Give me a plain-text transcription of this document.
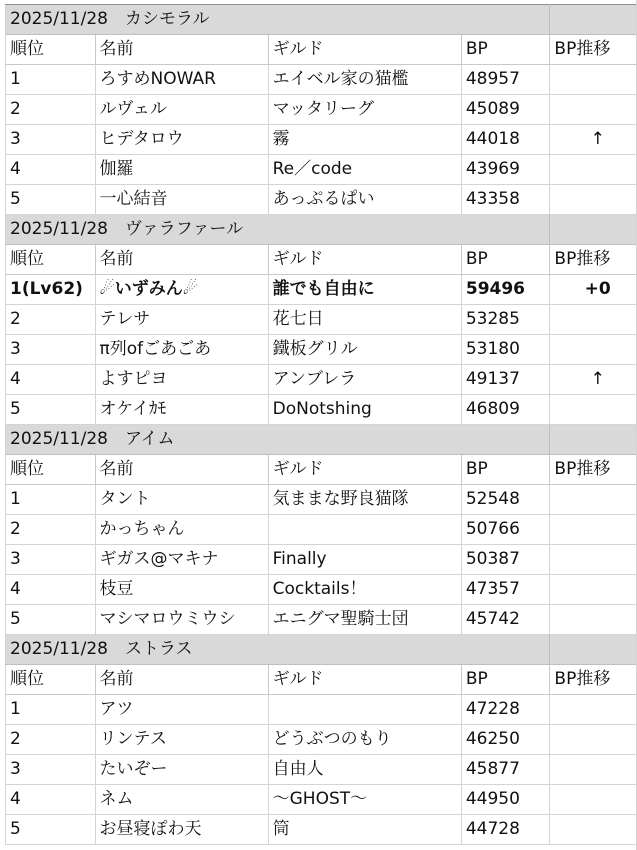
2025/11/28　カシモラル				
順位	名前	ギルド	BP	BP推移
1	ろすめNOWAR	エイベル家の猫檻	48957	
2	ルヴェル	マッタリーグ	45089	
3	ヒデタロウ	霧	44018	↑
4	伽羅	Re／code	43969	
5	一心結音	あっぷるぱい	43358	
2025/11/28　ヴァラファール				
順位	名前	ギルド	BP	BP推移
1(Lv62)	☄いずみん☄	誰でも自由に	59496	+0
2	テレサ	花七日	53285	
3	π列ofごあごあ	鐵板グリル	53180	
4	よすピヨ	アンブレラ	49137	↑
5	オケイｶﾓ	DoNotshing	46809	
2025/11/28　アイム				
順位	名前	ギルド	BP	BP推移
1	タント	気ままな野良猫隊	52548	
2	かっちゃん		50766	
3	ギガス@マキナ	Finally	50387	
4	枝豆	Cocktails！	47357	
5	マシマロウミウシ	エニグマ聖騎士団	45742	
2025/11/28　ストラス				
順位	名前	ギルド	BP	BP推移
1	アツ		47228	
2	リンテス	どうぶつのもり	46250	
3	たいぞー	自由人	45877	
4	ネム	～GHOST～	44950	
5	お昼寝ぽわ天	筒	44728	
